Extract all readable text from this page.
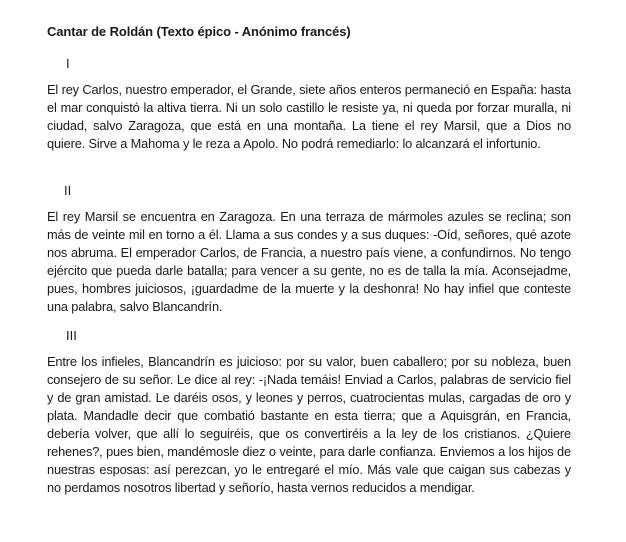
Cantar de Roldán (Texto épico - Anónimo francés)
I

El rey Carlos, nuestro emperador, el Grande, siete años enteros permaneció en España: hasta el mar conquistó la altiva tierra. Ni un solo castillo le resiste ya, ni queda por forzar muralla, ni ciudad, salvo Zaragoza, que está en una montaña. La tiene el rey Marsil, que a Dios no quiere. Sirve a Mahoma y le reza a Apolo. No podrá remediarlo: lo alcanzará el infortunio.

II

El rey Marsil se encuentra en Zaragoza. En una terraza de mármoles azules se reclina; son más de veinte mil en torno a él. Llama a sus condes y a sus duques: -Oíd, señores, qué azote nos abruma. El emperador Carlos, de Francia, a nuestro país viene, a confundirnos. No tengo ejército que pueda darle batalla; para vencer a su gente, no es de talla la mía. Aconsejadme, pues, hombres juiciosos, ¡guardadme de la muerte y la deshonra! No hay infiel que conteste una palabra, salvo Blancandrín.

III

Entre los infieles, Blancandrín es juicioso: por su valor, buen caballero; por su nobleza, buen consejero de su señor. Le dice al rey: -¡Nada temáis! Enviad a Carlos, palabras de servicio fiel y de gran amistad. Le daréis osos, y leones y perros, cuatrocientas mulas, cargadas de oro y plata. Mandadle decir que combatió bastante en esta tierra; que a Aquisgrán, en Francia, debería volver, que allí lo seguiréis, que os convertiréis a la ley de los cristianos. ¿Quiere rehenes?, pues bien, mandémosle diez o veinte, para darle confianza. Enviemos a los hijos de nuestras esposas: así perezcan, yo le entregaré el mío. Más vale que caigan sus cabezas y no perdamos nosotros libertad y señorío, hasta vernos reducidos a mendigar.
